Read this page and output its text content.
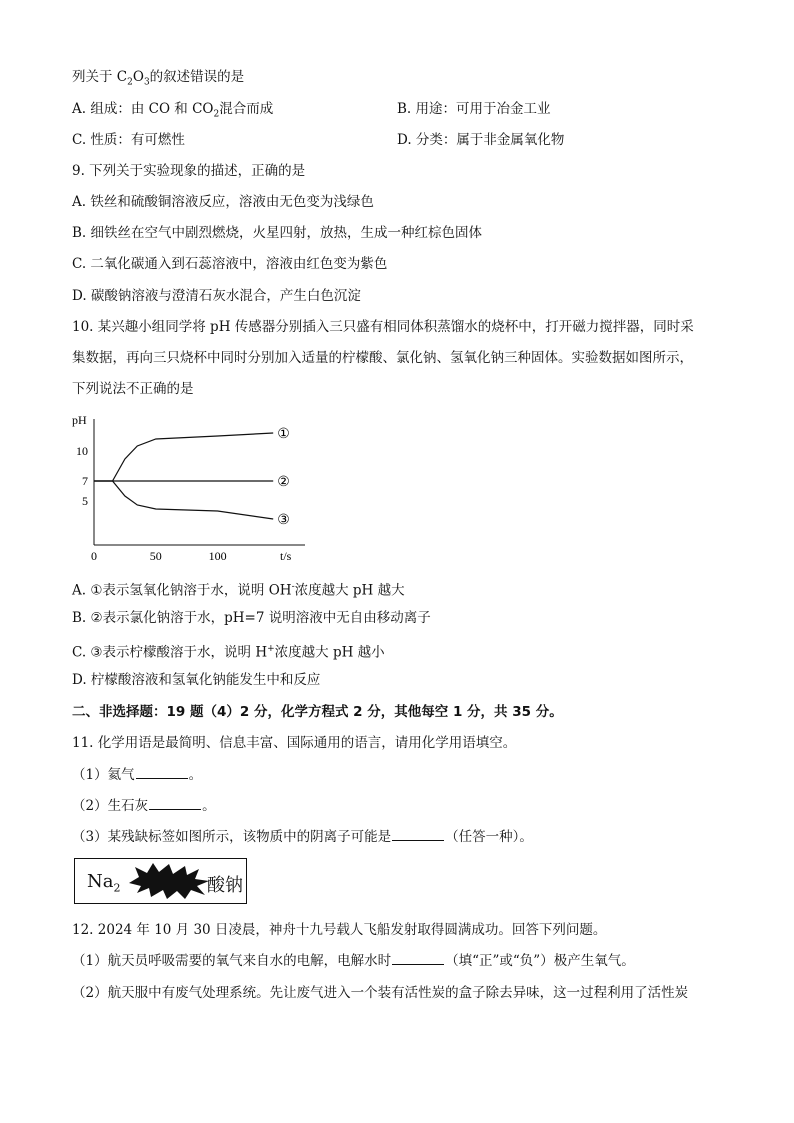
列关于 $C_2O_3$的叙述错误的是
A. 组成：由 CO 和 $CO_2$混合而成	B. 用途：可用于冶金工业
C. 性质：有可燃性	D. 分类：属于非金属氧化物
9. 下列关于实验现象的描述，正确的是
A. 铁丝和硫酸铜溶液反应，溶液由无色变为浅绿色
B. 细铁丝在空气中剧烈燃烧，火星四射，放热，生成一种红棕色固体
C. 二氧化碳通入到石蕊溶液中，溶液由红色变为紫色
D. 碳酸钠溶液与澄清石灰水混合，产生白色沉淀
10. 某兴趣小组同学将 pH 传感器分别插入三只盛有相同体积蒸馏水的烧杯中，打开磁力搅拌器，同时采
集数据，再向三只烧杯中同时分别加入适量的柠檬酸、氯化钠、氢氧化钠三种固体。实验数据如图所示，
下列说法不正确的是
pH
t/s
5
7
10
0	50	100
①
②
③
A. ①表示氢氧化钠溶于水，说明 OH-浓度越大 pH 越大
B. ②表示氯化钠溶于水，pH=7 说明溶液中无自由移动离子
C. ③表示柠檬酸溶于水，说明 H+浓度越大 pH 越小
D. 柠檬酸溶液和氢氧化钠能发生中和反应
二、非选择题：19 题（4）2 分，化学方程式 2 分，其他每空 1 分，共 35 分。
11. 化学用语是最简明、信息丰富、国际通用的语言，请用化学用语填空。
（1）氦气	。
（2）生石灰	。
（3）某残缺标签如图所示，该物质中的阴离子可能是	（任答一种）。
$Na_2$	酸钠
12. 2024 年 10 月 30 日凌晨，神舟十九号载人飞船发射取得圆满成功。回答下列问题。
（1）航天员呼吸需要的氧气来自水的电解，电解水时	（填“正”或“负”）极产生氧气。
（2）航天服中有废气处理系统。先让废气进入一个装有活性炭的盒子除去异味，这一过程利用了活性炭
